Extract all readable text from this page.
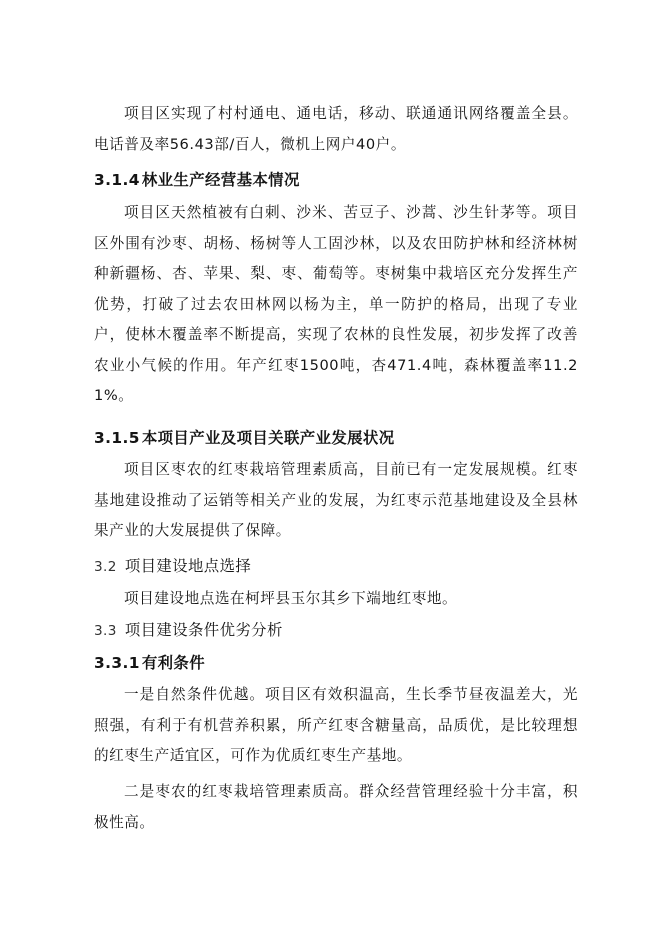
项目区实现了村村通电、通电话，移动、联通通讯网络覆盖全县。电话普及率56.43部/百人，微机上网户40户。

3.1.4 林业生产经营基本情况

项目区天然植被有白刺、沙米、苦豆子、沙蒿、沙生针茅等。项目区外围有沙枣、胡杨、杨树等人工固沙林，以及农田防护林和经济林树种新疆杨、杏、苹果、梨、枣、葡萄等。枣树集中栽培区充分发挥生产优势，打破了过去农田林网以杨为主，单一防护的格局，出现了专业户，使林木覆盖率不断提高，实现了农林的良性发展，初步发挥了改善农业小气候的作用。年产红枣1500吨，杏471.4吨，森林覆盖率11.21%。

3.1.5 本项目产业及项目关联产业发展状况

项目区枣农的红枣栽培管理素质高，目前已有一定发展规模。红枣基地建设推动了运销等相关产业的发展，为红枣示范基地建设及全县林果产业的大发展提供了保障。

3.2 项目建设地点选择

项目建设地点选在柯坪县玉尔其乡下端地红枣地。

3.3 项目建设条件优劣分析
3.3.1 有利条件

一是自然条件优越。项目区有效积温高，生长季节昼夜温差大，光照强，有利于有机营养积累，所产红枣含糖量高，品质优，是比较理想的红枣生产适宜区，可作为优质红枣生产基地。

二是枣农的红枣栽培管理素质高。群众经营管理经验十分丰富，积极性高。
